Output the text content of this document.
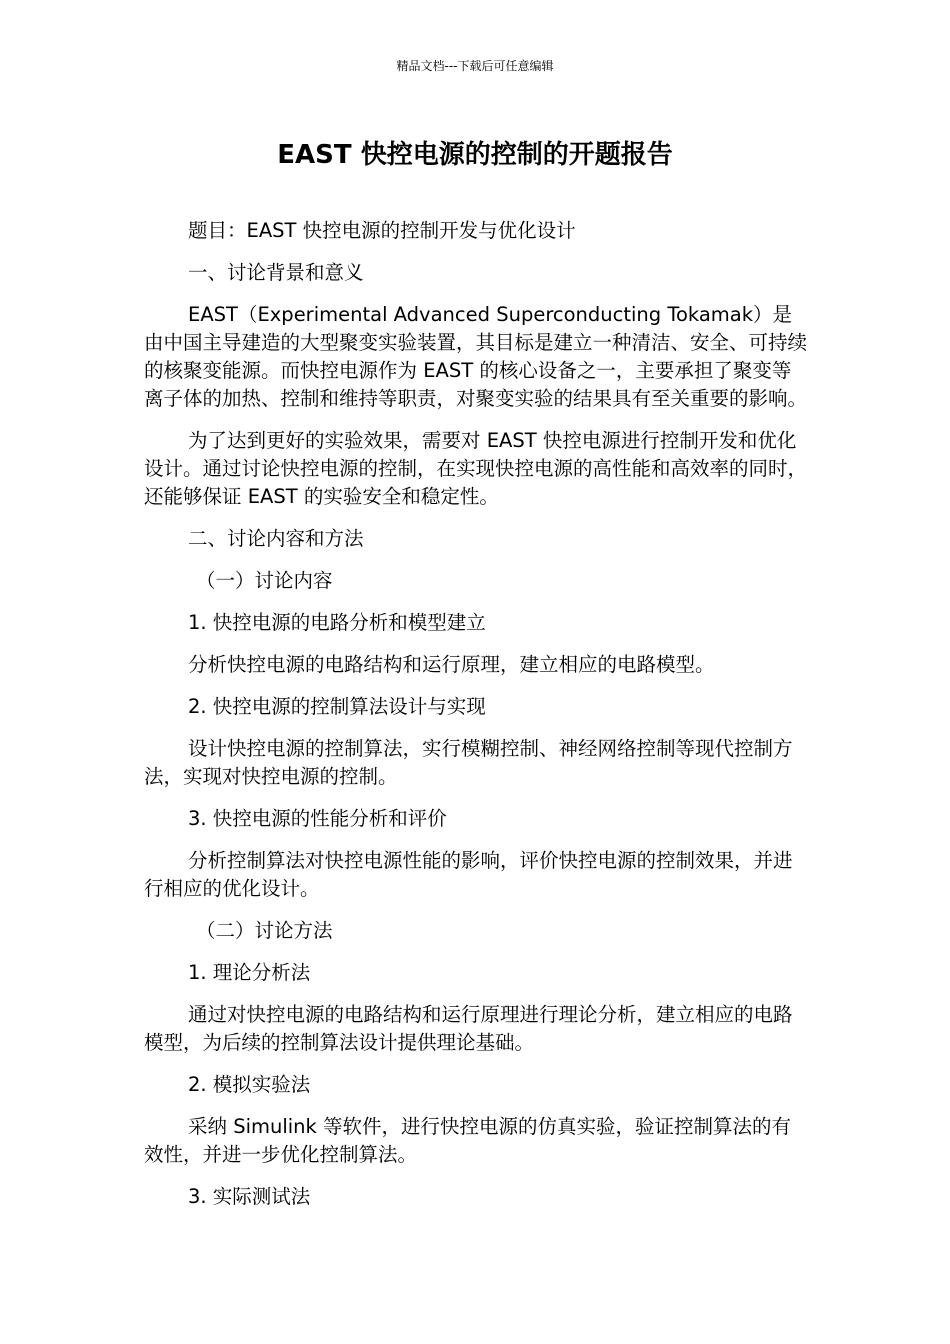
精品文档---下载后可任意编辑
EAST 快控电源的控制的开题报告

题目：EAST 快控电源的控制开发与优化设计

一、讨论背景和意义

EAST（Experimental Advanced Superconducting Tokamak）是由中国主导建造的大型聚变实验装置，其目标是建立一种清洁、安全、可持续的核聚变能源。而快控电源作为 EAST 的核心设备之一，主要承担了聚变等离子体的加热、控制和维持等职责，对聚变实验的结果具有至关重要的影响。

为了达到更好的实验效果，需要对 EAST 快控电源进行控制开发和优化设计。通过讨论快控电源的控制，在实现快控电源的高性能和高效率的同时，还能够保证 EAST 的实验安全和稳定性。

二、讨论内容和方法

（一）讨论内容

1. 快控电源的电路分析和模型建立

分析快控电源的电路结构和运行原理，建立相应的电路模型。

2. 快控电源的控制算法设计与实现

设计快控电源的控制算法，实行模糊控制、神经网络控制等现代控制方法，实现对快控电源的控制。

3. 快控电源的性能分析和评价

分析控制算法对快控电源性能的影响，评价快控电源的控制效果，并进行相应的优化设计。

（二）讨论方法

1. 理论分析法

通过对快控电源的电路结构和运行原理进行理论分析，建立相应的电路模型，为后续的控制算法设计提供理论基础。

2. 模拟实验法

采纳 Simulink 等软件，进行快控电源的仿真实验，验证控制算法的有效性，并进一步优化控制算法。

3. 实际测试法
